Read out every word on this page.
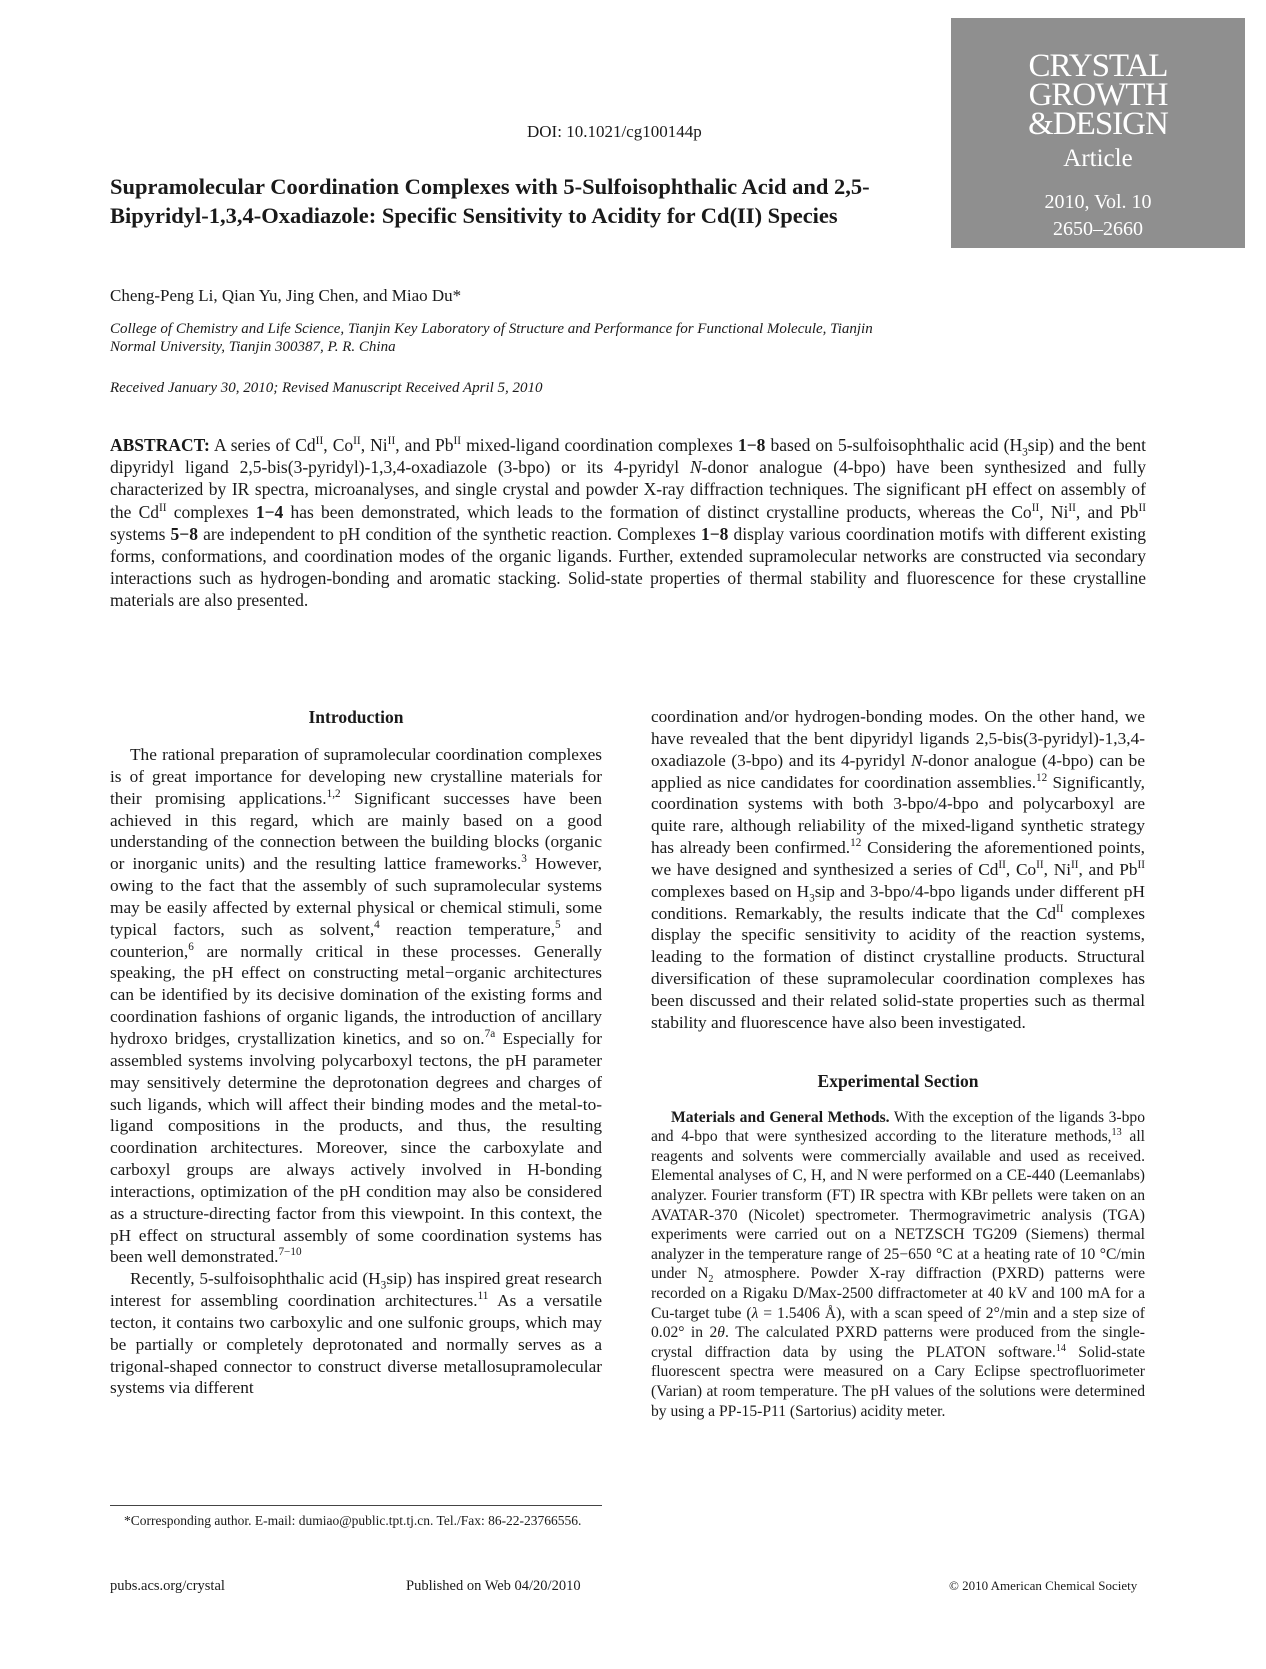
DOI: 10.1021/cg100144p
CRYSTAL
GROWTH
&DESIGN
Article
2010, Vol. 10
2650–2660
Supramolecular Coordination Complexes with 5-Sulfoisophthalic Acid and 2,5-Bipyridyl-1,3,4-Oxadiazole: Specific Sensitivity to Acidity for Cd(II) Species
Cheng-Peng Li, Qian Yu, Jing Chen, and Miao Du*
College of Chemistry and Life Science, Tianjin Key Laboratory of Structure and Performance for Functional Molecule, Tianjin Normal University, Tianjin 300387, P. R. China
Received January 30, 2010; Revised Manuscript Received April 5, 2010

ABSTRACT: A series of $Cd^{II}$, $Co^{II}$, $Ni^{II}$, and $Pb^{II}$ mixed-ligand coordination complexes 1−8 based on 5-sulfoisophthalic acid $(H_3sip)$ and the bent dipyridyl ligand 2,5-bis(3-pyridyl)-1,3,4-oxadiazole (3-bpo) or its 4-pyridyl N-donor analogue (4-bpo) have been synthesized and fully characterized by IR spectra, microanalyses, and single crystal and powder X-ray diffraction techniques. The significant pH effect on assembly of the $Cd^{II}$ complexes 1−4 has been demonstrated, which leads to the formation of distinct crystalline products, whereas the $Co^{II}$, $Ni^{II}$, and $Pb^{II}$ systems 5−8 are independent to pH condition of the synthetic reaction. Complexes 1−8 display various coordination motifs with different existing forms, conformations, and coordination modes of the organic ligands. Further, extended supramolecular networks are constructed via secondary interactions such as hydrogen-bonding and aromatic stacking. Solid-state properties of thermal stability and fluorescence for these crystalline materials are also presented.

Introduction

The rational preparation of supramolecular coordination complexes is of great importance for developing new crystalline materials for their promising applications.$^{1,2}$ Significant successes have been achieved in this regard, which are mainly based on a good understanding of the connection between the building blocks (organic or inorganic units) and the resulting lattice frameworks.$^3$ However, owing to the fact that the assembly of such supramolecular systems may be easily affected by external physical or chemical stimuli, some typical factors, such as solvent,$^4$ reaction temperature,$^5$ and counterion,$^6$ are normally critical in these processes. Generally speaking, the pH effect on constructing metal−organic architectures can be identified by its decisive domination of the existing forms and coordination fashions of organic ligands, the introduction of ancillary hydroxo bridges, crystallization kinetics, and so on.$^{7a}$ Especially for assembled systems involving polycarboxyl tectons, the pH parameter may sensitively determine the deprotonation degrees and charges of such ligands, which will affect their binding modes and the metal-to-ligand compositions in the products, and thus, the resulting coordination architectures. Moreover, since the carboxylate and carboxyl groups are always actively involved in H-bonding interactions, optimization of the pH condition may also be considered as a structure-directing factor from this viewpoint. In this context, the pH effect on structural assembly of some coordination systems has been well demonstrated.$^{7-10}$

Recently, 5-sulfoisophthalic acid $(H_3sip)$ has inspired great research interest for assembling coordination architectures.$^{11}$ As a versatile tecton, it contains two carboxylic and one sulfonic groups, which may be partially or completely deprotonated and normally serves as a trigonal-shaped connector to construct diverse metallosupramolecular systems via different

coordination and/or hydrogen-bonding modes. On the other hand, we have revealed that the bent dipyridyl ligands 2,5-bis(3-pyridyl)-1,3,4-oxadiazole (3-bpo) and its 4-pyridyl N-donor analogue (4-bpo) can be applied as nice candidates for coordination assemblies.$^{12}$ Significantly, coordination systems with both 3-bpo/4-bpo and polycarboxyl are quite rare, although reliability of the mixed-ligand synthetic strategy has already been confirmed.$^{12}$ Considering the aforementioned points, we have designed and synthesized a series of $Cd^{II}$, $Co^{II}$, $Ni^{II}$, and $Pb^{II}$ complexes based on $H_3sip$ and 3-bpo/4-bpo ligands under different pH conditions. Remarkably, the results indicate that the $Cd^{II}$ complexes display the specific sensitivity to acidity of the reaction systems, leading to the formation of distinct crystalline products. Structural diversification of these supramolecular coordination complexes has been discussed and their related solid-state properties such as thermal stability and fluorescence have also been investigated.

Experimental Section

Materials and General Methods. With the exception of the ligands 3-bpo and 4-bpo that were synthesized according to the literature methods,$^{13}$ all reagents and solvents were commercially available and used as received. Elemental analyses of C, H, and N were performed on a CE-440 (Leemanlabs) analyzer. Fourier transform (FT) IR spectra with KBr pellets were taken on an AVATAR-370 (Nicolet) spectrometer. Thermogravimetric analysis (TGA) experiments were carried out on a NETZSCH TG209 (Siemens) thermal analyzer in the temperature range of 25−650 °C at a heating rate of 10 °C/min under $N_2$ atmosphere. Powder X-ray diffraction (PXRD) patterns were recorded on a Rigaku D/Max-2500 diffractometer at 40 kV and 100 mA for a Cu-target tube (λ = 1.5406 Å), with a scan speed of 2°/min and a step size of 0.02° in 2θ. The calculated PXRD patterns were produced from the single-crystal diffraction data by using the PLATON software.$^{14}$ Solid-state fluorescent spectra were measured on a Cary Eclipse spectrofluorimeter (Varian) at room temperature. The pH values of the solutions were determined by using a PP-15-P11 (Sartorius) acidity meter.

*Corresponding author. E-mail: dumiao@public.tpt.tj.cn. Tel./Fax: 86-22-23766556.
pubs.acs.org/crystal	Published on Web 04/20/2010	© 2010 American Chemical Society
